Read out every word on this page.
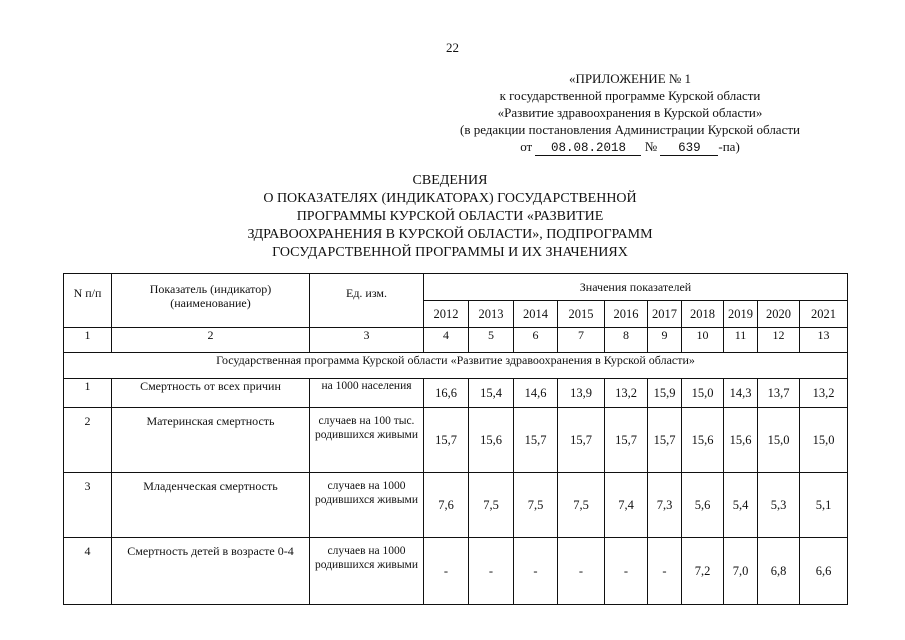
22
«ПРИЛОЖЕНИЕ № 1
к государственной программе Курской области
«Развитие здравоохранения в Курской области»
(в редакции постановления Администрации Курской области
от 08.08.2018 № 639 -па)
СВЕДЕНИЯ
О ПОКАЗАТЕЛЯХ (ИНДИКАТОРАХ) ГОСУДАРСТВЕННОЙ
ПРОГРАММЫ КУРСКОЙ ОБЛАСТИ «РАЗВИТИЕ
ЗДРАВООХРАНЕНИЯ В КУРСКОЙ ОБЛАСТИ», ПОДПРОГРАММ
ГОСУДАРСТВЕННОЙ ПРОГРАММЫ И ИХ ЗНАЧЕНИЯХ
N п/п	Показатель (индикатор) (наименование)	Ед. изм.	Значения показателей									
			2012	2013	2014	2015	2016	2017	2018	2019	2020	2021
1	2	3	4	5	6	7	8	9	10	11	12	13
Государственная программа Курской области «Развитие здравоохранения в Курской области»												
1	Смертность от всех причин	на 1000 населения	16,6	15,4	14,6	13,9	13,2	15,9	15,0	14,3	13,7	13,2
2	Материнская смертность	случаев на 100 тыс. родившихся живыми	15,7	15,6	15,7	15,7	15,7	15,7	15,6	15,6	15,0	15,0
3	Младенческая смертность	случаев на 1000 родившихся живыми	7,6	7,5	7,5	7,5	7,4	7,3	5,6	5,4	5,3	5,1
4	Смертность детей в возрасте 0-4	случаев на 1000 родившихся живыми	-	-	-	-	-	-	7,2	7,0	6,8	6,6
